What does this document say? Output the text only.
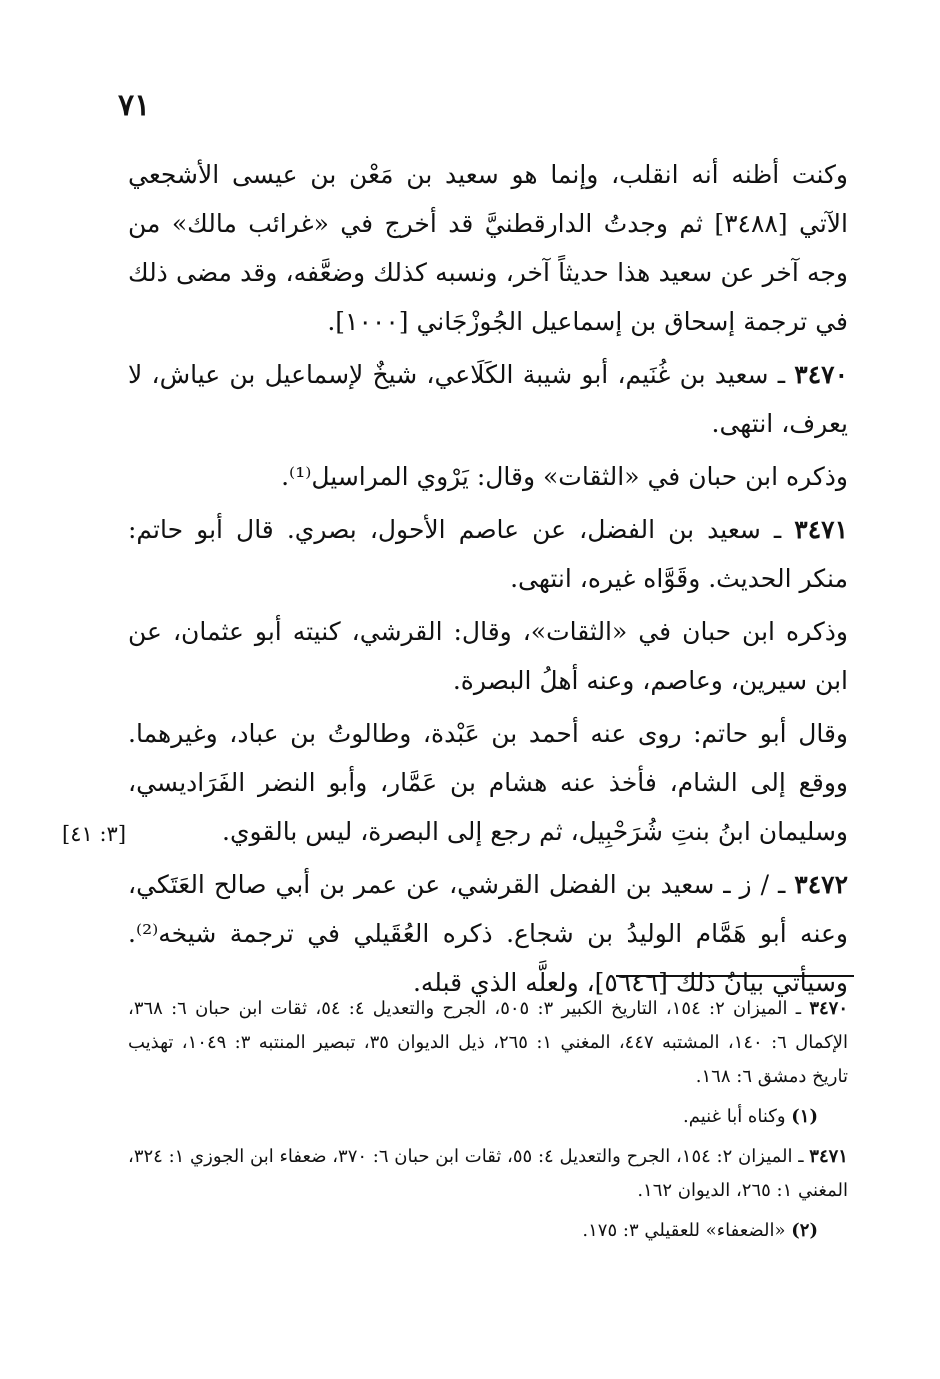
٧١
[٣: ٤١]

وكنت أظنه أنه انقلب، وإنما هو سعيد بن مَعْن بن عيسى الأشجعي الآتي [٣٤٨٨] ثم وجدتُ الدارقطنيَّ قد أخرج في «غرائب مالك» من وجه آخر عن سعيد هذا حديثاً آخر، ونسبه كذلك وضعَّفه، وقد مضى ذلك في ترجمة إسحاق بن إسماعيل الجُوزْجَاني [١٠٠٠].

٣٤٧٠ ـ سعيد بن غُنَيم، أبو شيبة الكَلَاعي، شيخٌ لإسماعيل بن عياش، لا يعرف، انتهى.

وذكره ابن حبان في «الثقات» وقال: يَرْوي المراسيل⁽¹⁾.

٣٤٧١ ـ سعيد بن الفضل، عن عاصم الأحول، بصري. قال أبو حاتم: منكر الحديث. وقَوَّاه غيره، انتهى.

وذكره ابن حبان في «الثقات»، وقال: القرشي، كنيته أبو عثمان، عن ابن سيرين، وعاصم، وعنه أهلُ البصرة.

وقال أبو حاتم: روى عنه أحمد بن عَبْدة، وطالوتُ بن عباد، وغيرهما. ووقع إلى الشام، فأخذ عنه هشام بن عَمَّار، وأبو النضر الفَرَاديسي، وسليمان ابنُ بنتِ شُرَحْبِيل، ثم رجع إلى البصرة، ليس بالقوي.

٣٤٧٢ ـ / ز ـ سعيد بن الفضل القرشي، عن عمر بن أبي صالح العَتَكي، وعنه أبو هَمَّام الوليدُ بن شجاع. ذكره العُقَيلي في ترجمة شيخه⁽²⁾. وسيأتي بيانُ ذلك [٥٦٤٦]، ولعلَّه الذي قبله.

٣٤٧٠ ـ الميزان ٢: ١٥٤، التاريخ الكبير ٣: ٥٠٥، الجرح والتعديل ٤: ٥٤، ثقات ابن حبان ٦: ٣٦٨، الإكمال ٦: ١٤٠، المشتبه ٤٤٧، المغني ١: ٢٦٥، ذيل الديوان ٣٥، تبصير المنتبه ٣: ١٠٤٩، تهذيب تاريخ دمشق ٦: ١٦٨.

(١) وكناه أبا غنيم.

٣٤٧١ ـ الميزان ٢: ١٥٤، الجرح والتعديل ٤: ٥٥، ثقات ابن حبان ٦: ٣٧٠، ضعفاء ابن الجوزي ١: ٣٢٤، المغني ١: ٢٦٥، الديوان ١٦٢.

(٢) «الضعفاء» للعقيلي ٣: ١٧٥.
